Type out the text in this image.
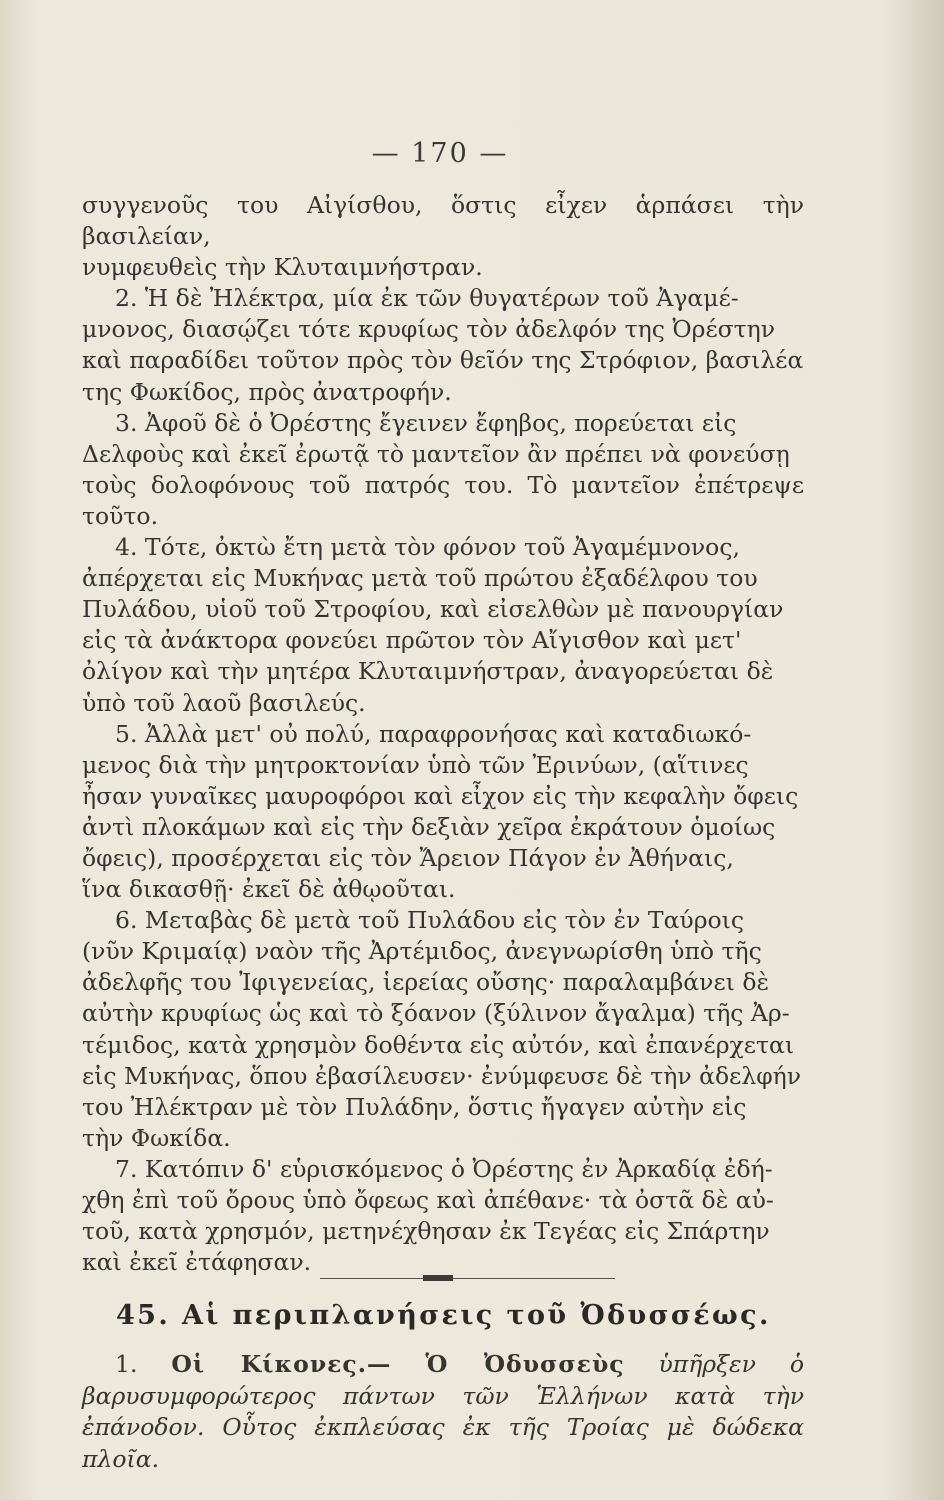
— 170 —

συγγενοῦς του Αἰγίσθου, ὅστις εἶχεν ἁρπάσει τὴν βασιλείαν,
νυμφευθεὶς τὴν Κλυταιμνήστραν.

2. Ἡ δὲ Ἠλέκτρα, μία ἐκ τῶν θυγατέρων τοῦ Ἀγαμέ-
μνονος, διασῴζει τότε κρυφίως τὸν ἀδελφόν της Ὀρέστην
καὶ παραδίδει τοῦτον πρὸς τὸν θεῖόν της Στρόφιον, βασιλέα
της Φωκίδος, πρὸς ἀνατροφήν.

3. Ἀφοῦ δὲ ὁ Ὀρέστης ἔγεινεν ἔφηβος, πορεύεται εἰς
Δελφοὺς καὶ ἐκεῖ ἐρωτᾷ τὸ μαντεῖον ἂν πρέπει νὰ φονεύσῃ
τοὺς δολοφόνους τοῦ πατρός του. Τὸ μαντεῖον ἐπέτρεψε τοῦτο.

4. Τότε, ὀκτὼ ἔτη μετὰ τὸν φόνον τοῦ Ἀγαμέμνονος,
ἀπέρχεται εἰς Μυκήνας μετὰ τοῦ πρώτου ἐξαδέλφου του
Πυλάδου, υἱοῦ τοῦ Στροφίου, καὶ εἰσελθὼν μὲ πανουργίαν
εἰς τὰ ἀνάκτορα φονεύει πρῶτον τὸν Αἴγισθον καὶ μετ'
ὀλίγον καὶ τὴν μητέρα Κλυταιμνήστραν, ἀναγορεύεται δὲ
ὑπὸ τοῦ λαοῦ βασιλεύς.

5. Ἀλλὰ μετ' οὐ πολύ, παραφρονήσας καὶ καταδιωκό-
μενος διὰ τὴν μητροκτονίαν ὑπὸ τῶν Ἐρινύων, (αἵτινες
ἦσαν γυναῖκες μαυροφόροι καὶ εἶχον εἰς τὴν κεφαλὴν ὄφεις
ἀντὶ πλοκάμων καὶ εἰς τὴν δεξιὰν χεῖρα ἐκράτουν ὁμοίως
ὄφεις), προσέρχεται εἰς τὸν Ἄρειον Πάγον ἐν Ἀθήναις,
ἵνα δικασθῇ· ἐκεῖ δὲ ἀθῳοῦται.

6. Μεταβὰς δὲ μετὰ τοῦ Πυλάδου εἰς τὸν ἐν Ταύροις
(νῦν Κριμαίᾳ) ναὸν τῆς Ἀρτέμιδος, ἀνεγνωρίσθη ὑπὸ τῆς
ἀδελφῆς του Ἰφιγενείας, ἱερείας οὔσης· παραλαμβάνει δὲ
αὐτὴν κρυφίως ὡς καὶ τὸ ξόανον (ξύλινον ἄγαλμα) τῆς Ἀρ-
τέμιδος, κατὰ χρησμὸν δοθέντα εἰς αὐτόν, καὶ ἐπανέρχεται
εἰς Μυκήνας, ὅπου ἐβασίλευσεν· ἐνύμφευσε δὲ τὴν ἀδελφήν
του Ἠλέκτραν μὲ τὸν Πυλάδην, ὅστις ἤγαγεν αὐτὴν εἰς
τὴν Φωκίδα.

7. Κατόπιν δ' εὑρισκόμενος ὁ Ὀρέστης ἐν Ἀρκαδίᾳ ἐδή-
χθη ἐπὶ τοῦ ὄρους ὑπὸ ὄφεως καὶ ἀπέθανε· τὰ ὀστᾶ δὲ αὐ-
τοῦ, κατὰ χρησμόν, μετηνέχθησαν ἐκ Τεγέας εἰς Σπάρτην
καὶ ἐκεῖ ἐτάφησαν.

45. Αἱ περιπλανήσεις τοῦ Ὀδυσσέως.
1. Οἱ Κίκονες.— Ὁ Ὀδυσσεὺς ὑπῆρξεν ὁ βαρυσυμφορώτερος πάντων τῶν Ἑλλήνων κατὰ τὴν ἐπάνοδον. Οὗτος ἐκπλεύσας ἐκ τῆς Τροίας μὲ δώδεκα πλοῖα.
